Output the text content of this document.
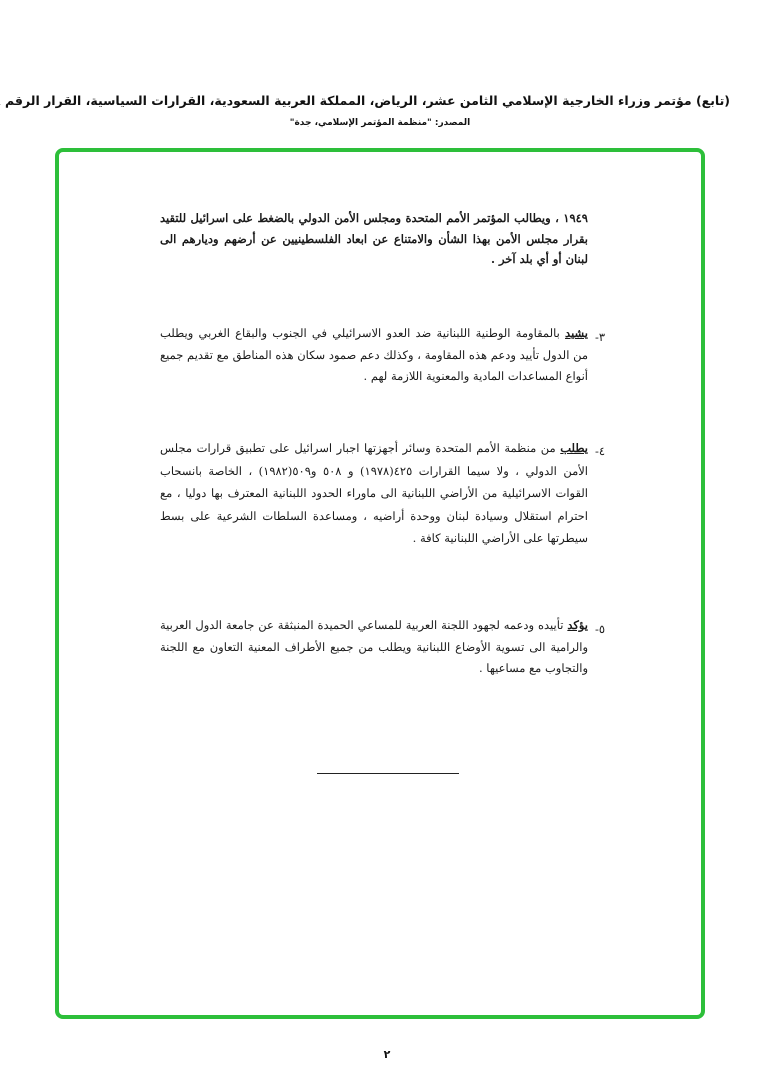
(تابع) مؤتمر وزراء الخارجية الإسلامي الثامن عشر، الرياض، المملكة العربية السعودية، القرارات السياسية، القرار الرقم
المصدر: "منظمة المؤتمر الإسلامي، جدة"

١٩٤٩ ، ويطالب المؤتمر الأمم المتحدة ومجلس الأمن الدولي بالضغط على اسرائيل للتقيد بقرار مجلس الأمن بهذا الشأن والامتناع عن ابعاد الفلسطينيين عن أرضهم وديارهم الى لبنان أو أي بلد آخر .

٣-

يشيد بالمقاومة الوطنية اللبنانية ضد العدو الاسرائيلي في الجنوب والبقاع الغربي ويطلب من الدول تأييد ودعم هذه المقاومة ، وكذلك دعم صمود سكان هذه المناطق مع تقديم جميع أنواع المساعدات المادية والمعنوية اللازمة لهم .

٤-

يطلب من منظمة الأمم المتحدة وسائر أجهزتها اجبار اسرائيل على تطبيق قرارات مجلس الأمن الدولي ، ولا سيما القرارات ٤٢٥(١٩٧٨) و ٥٠٨ و٥٠٩(١٩٨٢) ، الخاصة بانسحاب القوات الاسرائيلية من الأراضي اللبنانية الى ماوراء الحدود اللبنانية المعترف بها دوليا ، مع احترام استقلال وسيادة لبنان ووحدة أراضيه ، ومساعدة السلطات الشرعية على بسط سيطرتها على الأراضي اللبنانية كافة .

٥-

يؤكد تأييده ودعمه لجهود اللجنة العربية للمساعي الحميدة المنبثقة عن جامعة الدول العربية والرامية الى تسوية الأوضاع اللبنانية ويطلب من جميع الأطراف المعنية التعاون مع اللجنة والتجاوب مع مساعيها .

٢
